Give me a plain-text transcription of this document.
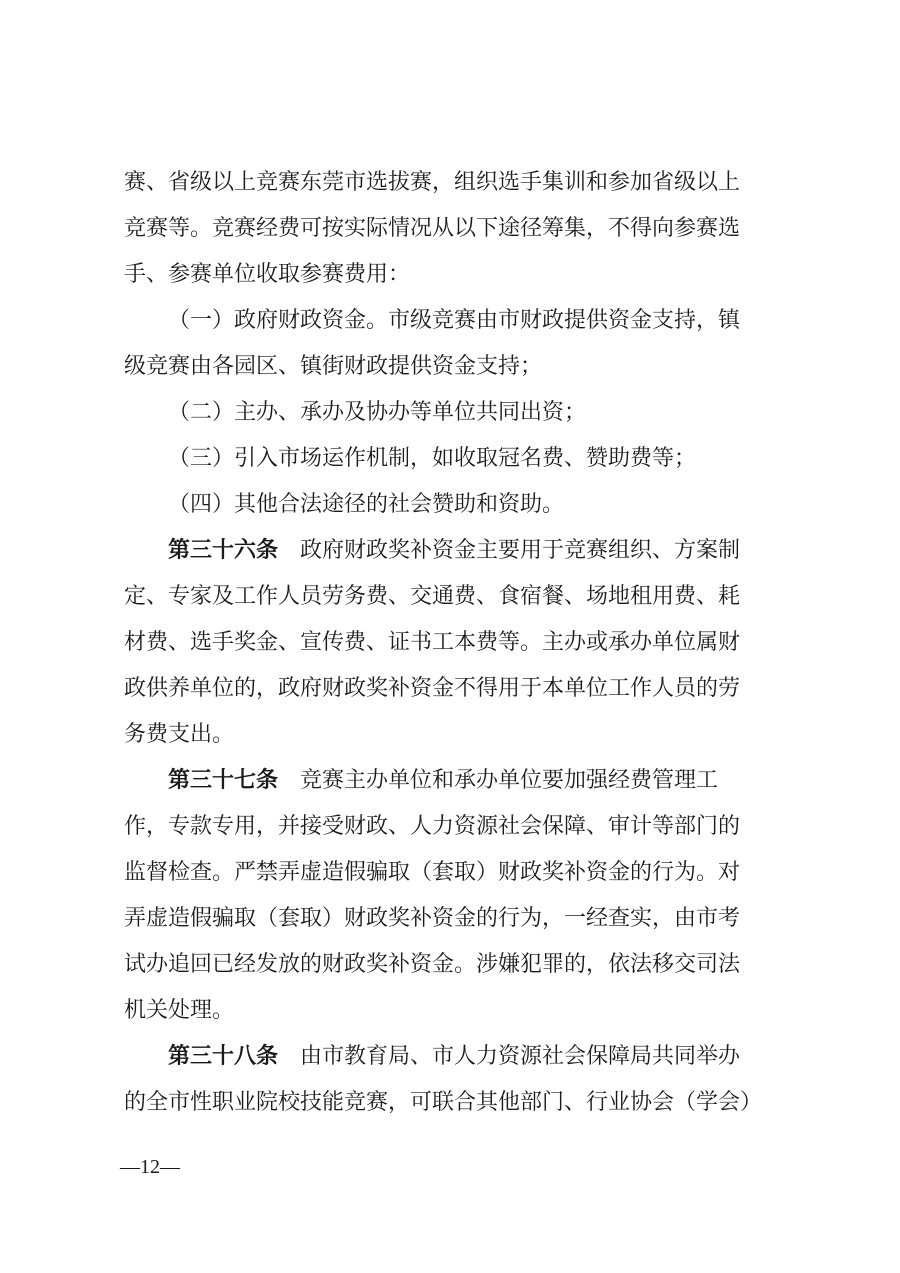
赛、省级以上竞赛东莞市选拔赛，组织选手集训和参加省级以上
竞赛等。竞赛经费可按实际情况从以下途径筹集，不得向参赛选
手、参赛单位收取参赛费用：
（一）政府财政资金。市级竞赛由市财政提供资金支持，镇
级竞赛由各园区、镇街财政提供资金支持；
（二）主办、承办及协办等单位共同出资；
（三）引入市场运作机制，如收取冠名费、赞助费等；
（四）其他合法途径的社会赞助和资助。
第三十六条 政府财政奖补资金主要用于竞赛组织、方案制
定、专家及工作人员劳务费、交通费、食宿餐、场地租用费、耗
材费、选手奖金、宣传费、证书工本费等。主办或承办单位属财
政供养单位的，政府财政奖补资金不得用于本单位工作人员的劳
务费支出。
第三十七条 竞赛主办单位和承办单位要加强经费管理工
作，专款专用，并接受财政、人力资源社会保障、审计等部门的
监督检查。严禁弄虚造假骗取（套取）财政奖补资金的行为。对
弄虚造假骗取（套取）财政奖补资金的行为，一经查实，由市考
试办追回已经发放的财政奖补资金。涉嫌犯罪的，依法移交司法
机关处理。
第三十八条 由市教育局、市人力资源社会保障局共同举办
的全市性职业院校技能竞赛，可联合其他部门、行业协会（学会）
—12—
